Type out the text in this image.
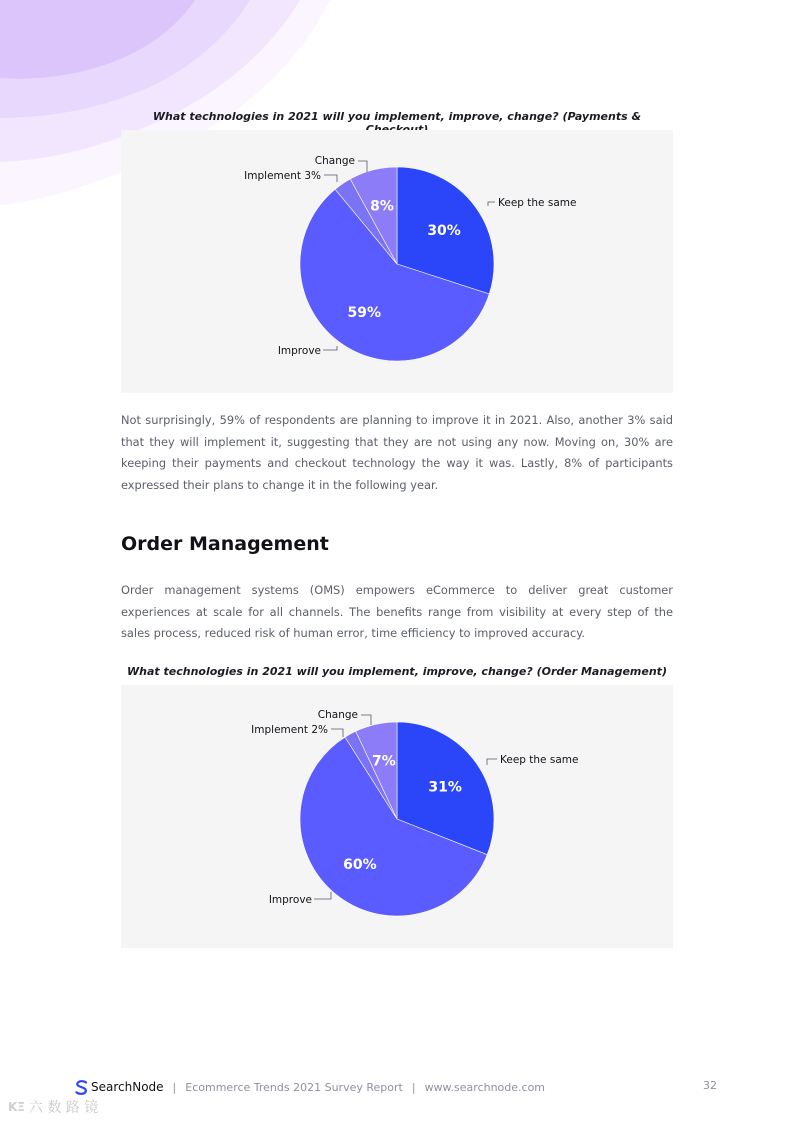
What technologies in 2021 will you implement, improve, change? (Payments &

30%
59%
8%	Keep the same
Improve
Implement 3%
Change

Not surprisingly, 59% of respondents are planning to improve it in 2021. Also, another 3% said that they will implement it, suggesting that they are not using any now. Moving on, 30% are keeping their payments and checkout technology the way it was. Lastly, 8% of participants expressed their plans to change it in the following year.

Order Management

Order management systems (OMS) empowers eCommerce to deliver great customer experiences at scale for all channels. The benefits range from visibility at every step of the sales process, reduced risk of human error, time efficiency to improved accuracy.

What technologies in 2021 will you implement, improve, change? (Order Management)

31%
60%
7%	Keep the same
Improve
Implement 2%
Change
SearchNode | Ecommerce Trends 2021 Survey Report | www.searchnode.com	32
KΞ 六 数 路 镜
